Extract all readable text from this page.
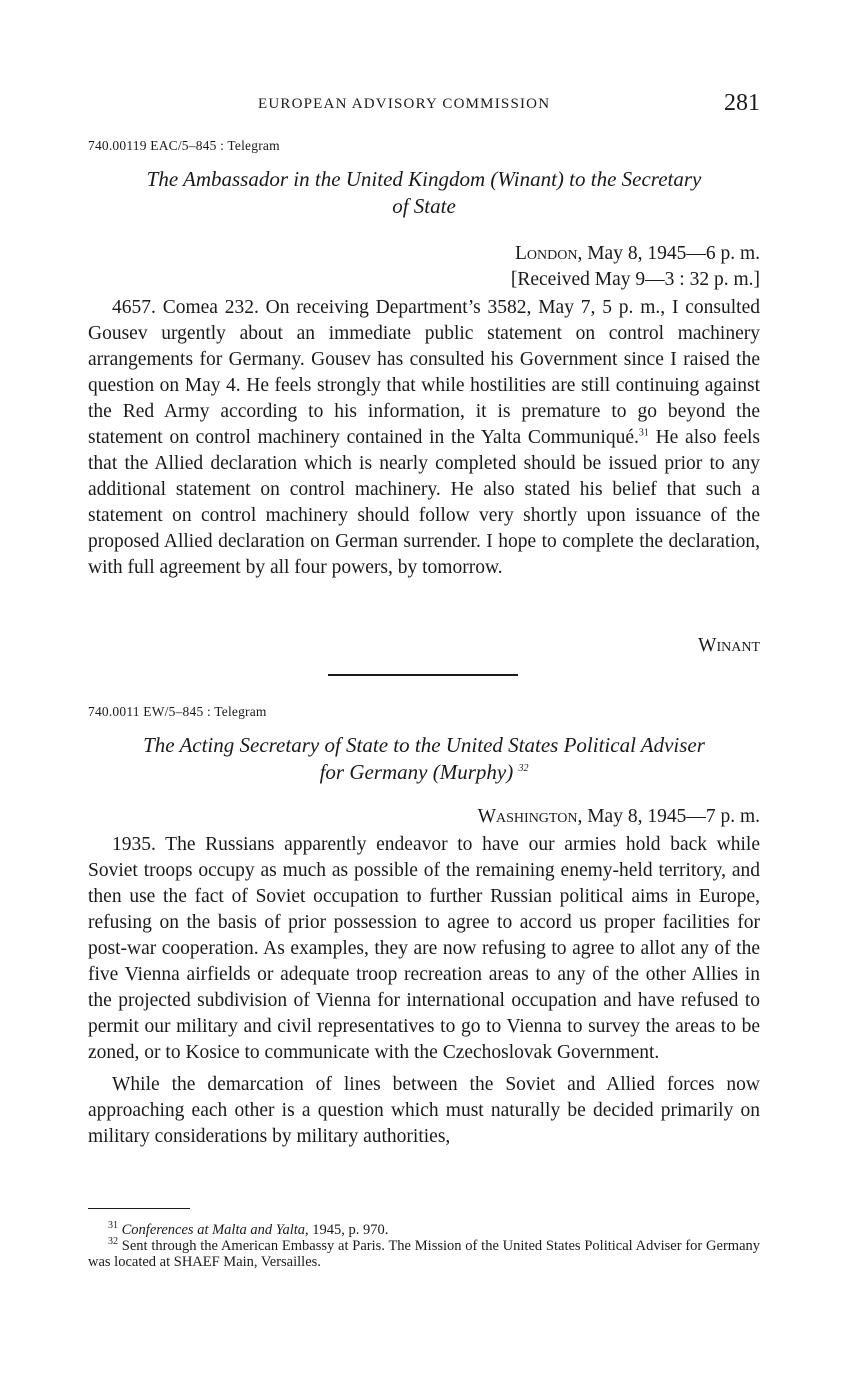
EUROPEAN ADVISORY COMMISSION	281
740.00119 EAC/5–845 : Telegram
The Ambassador in the United Kingdom (Winant) to the Secretary
of State
London, May 8, 1945—6 p. m.
[Received May 9—3 : 32 p. m.]

4657. Comea 232. On receiving Department’s 3582, May 7, 5 p. m., I consulted Gousev urgently about an immediate public statement on control machinery arrangements for Germany. Gousev has consulted his Government since I raised the question on May 4. He feels strongly that while hostilities are still continuing against the Red Army according to his information, it is premature to go beyond the statement on control machinery contained in the Yalta Communiqué.$^{31}$ He also feels that the Allied declaration which is nearly completed should be issued prior to any additional statement on control machinery. He also stated his belief that such a statement on control machinery should follow very shortly upon issuance of the proposed Allied declaration on German surrender. I hope to complete the declaration, with full agreement by all four powers, by tomorrow.

Winant
740.0011 EW/5–845 : Telegram
The Acting Secretary of State to the United States Political Adviser
for Germany (Murphy) $^{32}$
Washington, May 8, 1945—7 p. m.

1935. The Russians apparently endeavor to have our armies hold back while Soviet troops occupy as much as possible of the remaining enemy-held territory, and then use the fact of Soviet occupation to further Russian political aims in Europe, refusing on the basis of prior possession to agree to accord us proper facilities for post-war cooperation. As examples, they are now refusing to agree to allot any of the five Vienna airfields or adequate troop recreation areas to any of the other Allies in the projected subdivision of Vienna for international occupation and have refused to permit our military and civil representatives to go to Vienna to survey the areas to be zoned, or to Kosice to communicate with the Czechoslovak Government.

While the demarcation of lines between the Soviet and Allied forces now approaching each other is a question which must naturally be decided primarily on military considerations by military authorities,

$^{31}$ Conferences at Malta and Yalta, 1945, p. 970.

$^{32}$ Sent through the American Embassy at Paris. The Mission of the United States Political Adviser for Germany was located at SHAEF Main, Versailles.
